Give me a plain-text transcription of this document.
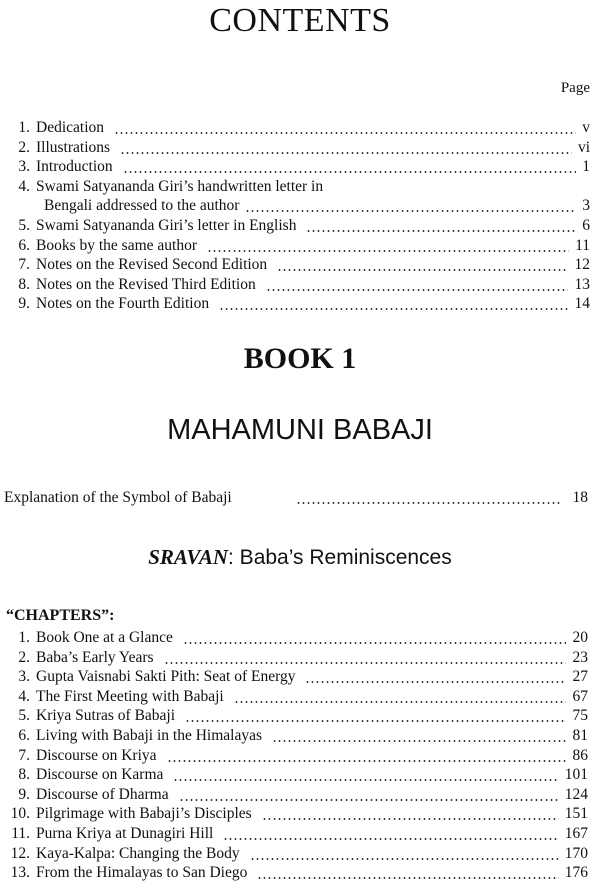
CONTENTS
Page
1. Dedication	v
2. Illustrations	vi
3. Introduction	1
4. Swami Satyananda Giri’s handwritten letter in
Bengali addressed to the author	3
5. Swami Satyananda Giri’s letter in English	6
6. Books by the same author	11
7. Notes on the Revised Second Edition	12
8. Notes on the Revised Third Edition	13
9. Notes on the Fourth Edition	14
BOOK 1
MAHAMUNI BABAJI
Explanation of the Symbol of Babaji	18
SRAVAN: Baba’s Reminiscences
“CHAPTERS”:
1. Book One at a Glance	20
2. Baba’s Early Years	23
3. Gupta Vaisnabi Sakti Pith: Seat of Energy	27
4. The First Meeting with Babaji	67
5. Kriya Sutras of Babaji	75
6. Living with Babaji in the Himalayas	81
7. Discourse on Kriya	86
8. Discourse on Karma	101
9. Discourse of Dharma	124
10. Pilgrimage with Babaji’s Disciples	151
11. Purna Kriya at Dunagiri Hill	167
12. Kaya-Kalpa: Changing the Body	170
13. From the Himalayas to San Diego	176
